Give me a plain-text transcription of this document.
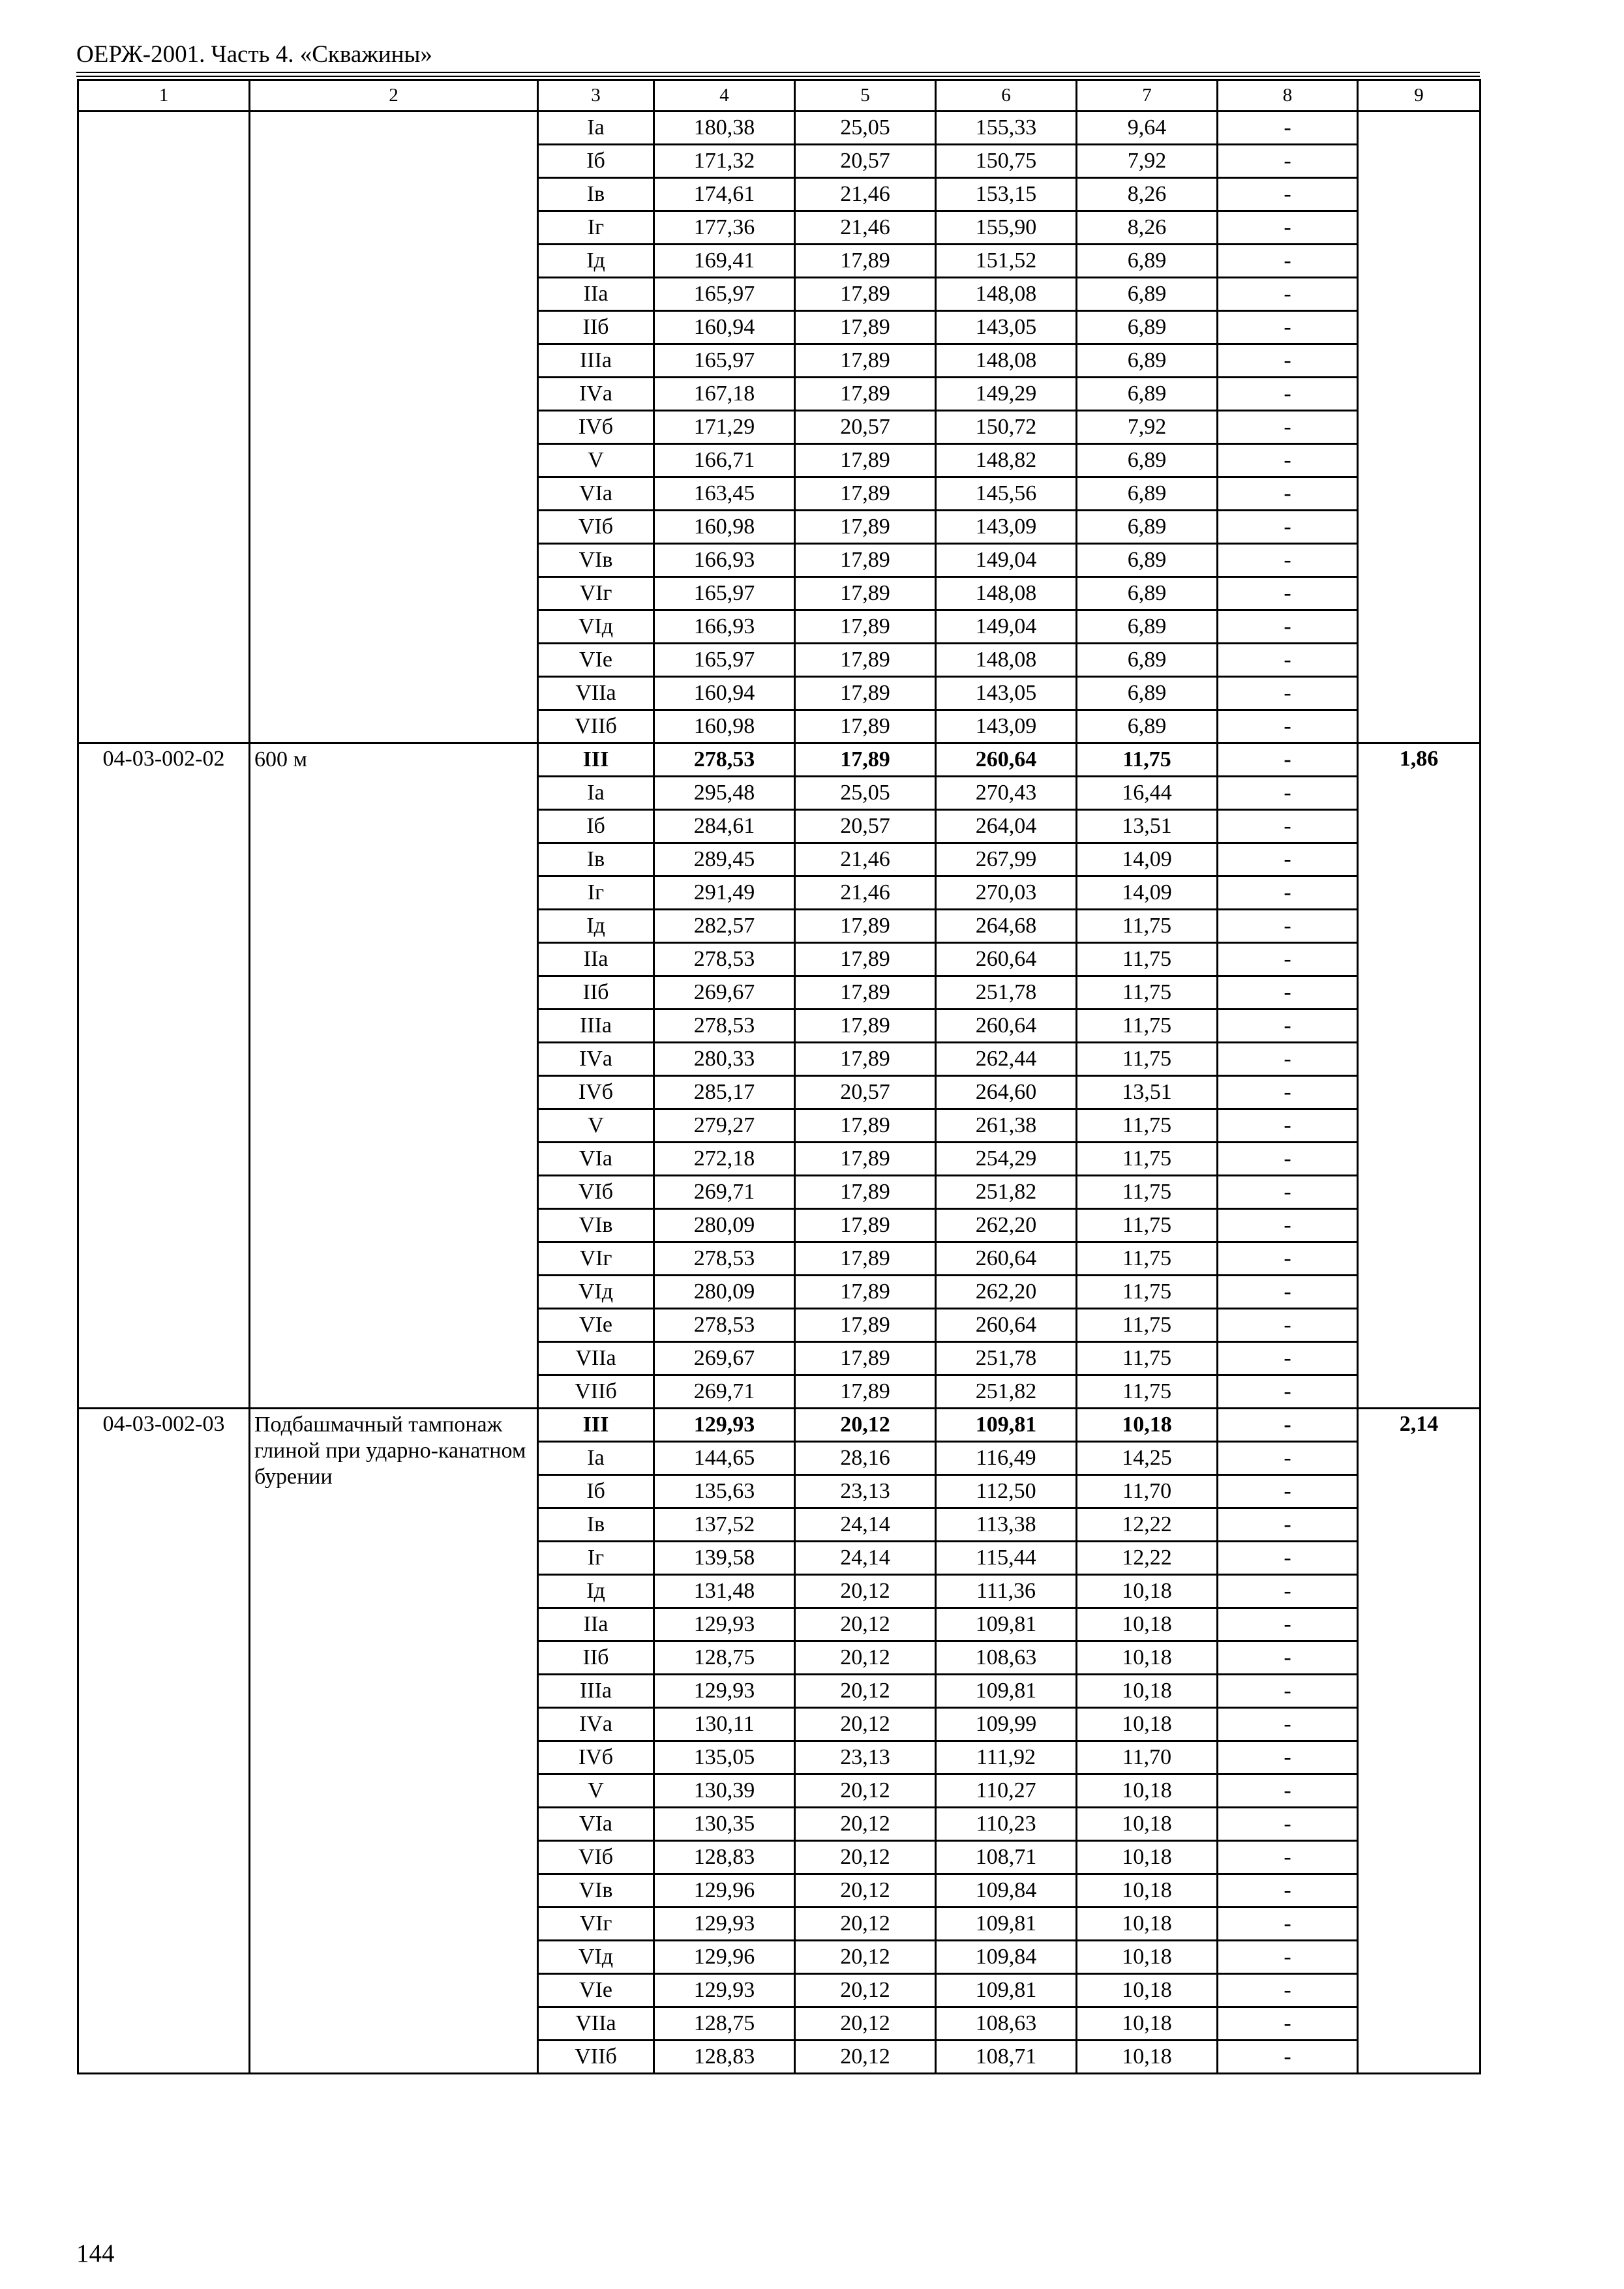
ОЕРЖ-2001. Часть 4. «Скважины»
1	2	3	4	5	6	7	8	9
		Iа	180,38	25,05	155,33	9,64	-	
		Iб	171,32	20,57	150,75	7,92	-	
		Iв	174,61	21,46	153,15	8,26	-	
		Iг	177,36	21,46	155,90	8,26	-	
		Iд	169,41	17,89	151,52	6,89	-	
		IIа	165,97	17,89	148,08	6,89	-	
		IIб	160,94	17,89	143,05	6,89	-	
		IIIа	165,97	17,89	148,08	6,89	-	
		IVа	167,18	17,89	149,29	6,89	-	
		IVб	171,29	20,57	150,72	7,92	-	
		V	166,71	17,89	148,82	6,89	-	
		VIа	163,45	17,89	145,56	6,89	-	
		VIб	160,98	17,89	143,09	6,89	-	
		VIв	166,93	17,89	149,04	6,89	-	
		VIг	165,97	17,89	148,08	6,89	-	
		VIд	166,93	17,89	149,04	6,89	-	
		VIе	165,97	17,89	148,08	6,89	-	
		VIIа	160,94	17,89	143,05	6,89	-	
		VIIб	160,98	17,89	143,09	6,89	-	
04-03-002-02	600 м	III	278,53	17,89	260,64	11,75	-	1,86
		Iа	295,48	25,05	270,43	16,44	-	
		Iб	284,61	20,57	264,04	13,51	-	
		Iв	289,45	21,46	267,99	14,09	-	
		Iг	291,49	21,46	270,03	14,09	-	
		Iд	282,57	17,89	264,68	11,75	-	
		IIа	278,53	17,89	260,64	11,75	-	
		IIб	269,67	17,89	251,78	11,75	-	
		IIIа	278,53	17,89	260,64	11,75	-	
		IVа	280,33	17,89	262,44	11,75	-	
		IVб	285,17	20,57	264,60	13,51	-	
		V	279,27	17,89	261,38	11,75	-	
		VIа	272,18	17,89	254,29	11,75	-	
		VIб	269,71	17,89	251,82	11,75	-	
		VIв	280,09	17,89	262,20	11,75	-	
		VIг	278,53	17,89	260,64	11,75	-	
		VIд	280,09	17,89	262,20	11,75	-	
		VIе	278,53	17,89	260,64	11,75	-	
		VIIа	269,67	17,89	251,78	11,75	-	
		VIIб	269,71	17,89	251,82	11,75	-	
04-03-002-03	Подбашмачный тампонаж глиной при ударно-канатном бурении	III	129,93	20,12	109,81	10,18	-	2,14
		Iа	144,65	28,16	116,49	14,25	-	
		Iб	135,63	23,13	112,50	11,70	-	
		Iв	137,52	24,14	113,38	12,22	-	
		Iг	139,58	24,14	115,44	12,22	-	
		Iд	131,48	20,12	111,36	10,18	-	
		IIа	129,93	20,12	109,81	10,18	-	
		IIб	128,75	20,12	108,63	10,18	-	
		IIIа	129,93	20,12	109,81	10,18	-	
		IVа	130,11	20,12	109,99	10,18	-	
		IVб	135,05	23,13	111,92	11,70	-	
		V	130,39	20,12	110,27	10,18	-	
		VIа	130,35	20,12	110,23	10,18	-	
		VIб	128,83	20,12	108,71	10,18	-	
		VIв	129,96	20,12	109,84	10,18	-	
		VIг	129,93	20,12	109,81	10,18	-	
		VIд	129,96	20,12	109,84	10,18	-	
		VIе	129,93	20,12	109,81	10,18	-	
		VIIа	128,75	20,12	108,63	10,18	-	
		VIIб	128,83	20,12	108,71	10,18	-	
144
